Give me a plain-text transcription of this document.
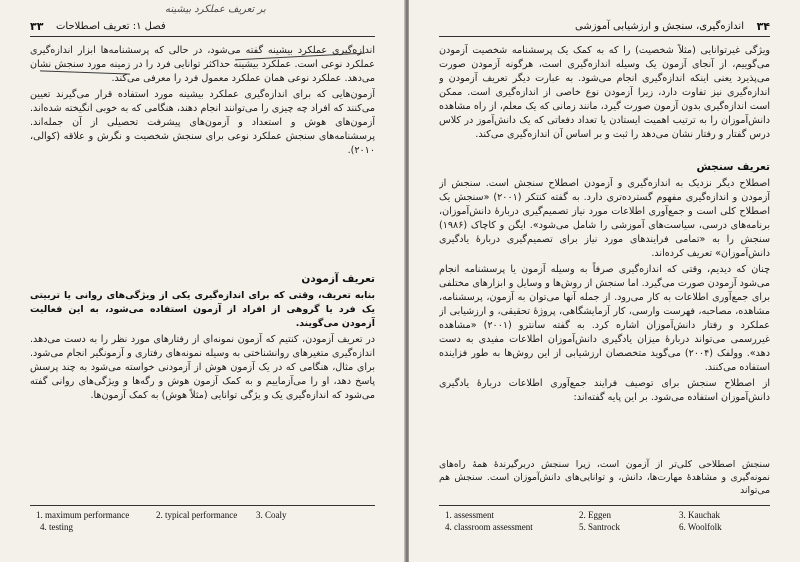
۳۳ فصل ۱: تعریف اصطلاحات
بر تعریف عملکرد بیشینه

اندازه‌گیری عملکرد بیشینه گفته می‌شود، در حالی که پرسشنامه‌ها ابزار اندازه‌گیری عملکرد نوعی است. عملکرد بیشینه حداکثر توانایی فرد را در زمینه مورد سنجش نشان می‌دهد. عملکرد نوعی همان عملکرد معمول فرد را معرفی می‌کند.

آزمون‌هایی که برای اندازه‌گیری عملکرد بیشینه مورد استفاده قرار می‌گیرند تعیین می‌کنند که افراد چه چیزی را می‌توانند انجام دهند، هنگامی که به خوبی انگیخته شده‌اند. آزمون‌های هوش و استعداد و آزمون‌های پیشرفت تحصیلی از آن جمله‌اند. پرسشنامه‌های سنجش عملکرد نوعی برای سنجش شخصیت و نگرش و علاقه (کوالی، ۲۰۱۰).

تعریف آزمودن

بنابه تعریف، وقتی که برای اندازه‌گیری یکی از ویژگی‌های روانی یا تربیتی یک فرد یا گروهی از افراد از آزمون استفاده می‌شود، به این فعالیت آزمودن می‌گویند.

در تعریف آزمودن، کنتیم که آزمون نمونه‌ای از رفتارهای مورد نظر را به دست می‌دهد. اندازه‌گیری متغیرهای روانشناختی به وسیله نمونه‌های رفتاری و آزمونگیر انجام می‌شود. برای مثال، هنگامی که در یک آزمون هوش از آزمودنی خواسته می‌شود به چند پرسش پاسخ دهد، او را می‌آزماییم و به کمک آزمون هوش و رگه‌ها و ویژگی‌های روانی گفته می‌شود که اندازه‌گیری یک و یژگی توانایی (مثلاً هوش) به کمک آزمون‌ها.

1. maximum performance	2. typical performance 3. Coaly
4. testing
۳۴
اندازه‌گیری، سنجش و ارزشیابی آموزشی

ویژگی غیرتوانایی (مثلاً شخصیت) را که به کمک یک پرسشنامه شخصیت آزمودن می‌گوییم، از آنجای آزمون یک وسیله اندازه‌گیری است، هرگونه آزمودن صورت می‌پذیرد یعنی اینکه اندازه‌گیری انجام می‌شود. به عبارت دیگر تعریف آزمودن و اندازه‌گیری نیز تفاوت دارد، زیرا آزمودن نوع خاصی از اندازه‌گیری است. ممکن است اندازه‌گیری بدون آزمون صورت گیرد، مانند زمانی که یک معلم، از راه مشاهده دانش‌آموزان را به ترتیب اهمیت ایستادن یا تعداد دفعاتی که یک دانش‌آموز در کلاس درس گفتار و رفتار نشان می‌دهد را ثبت و بر اساس آن اندازه‌گیری می‌کند.

تعریف سنجش

اصطلاح دیگر نزدیک به اندازه‌گیری و آزمودن اصطلاح سنجش است. سنجش از آزمودن و اندازه‌گیری مفهوم گسترده‌تری دارد. به گفته کنتکر (۲۰۰۱) «سنجش یک اصطلاح کلی است و جمع‌آوری اطلاعات مورد نیاز تصمیم‌گیری دربارهٔ دانش‌آموزان، برنامه‌های درسی، سیاست‌های آموزشی را شامل می‌شود». ایگن و کاچاک (۱۹۸۶) سنجش را به «تمامی فرایندهای مورد نیاز برای تصمیم‌گیری دربارهٔ یادگیری دانش‌آموزان» تعریف کرده‌اند.

چنان که دیدیم، وقتی که اندازه‌گیری صرفاً به وسیله آزمون یا پرسشنامه انجام می‌شود آزمودن صورت می‌گیرد. اما سنجش از روش‌ها و وسایل و ابزارهای مختلفی برای جمع‌آوری اطلاعات به کار می‌رود. از جمله آنها می‌توان به آزمون، پرسشنامه، مشاهده، مصاحبه، فهرست وارسی، کار آزمایشگاهی، پروژهٔ تحقیقی، و ارزشیابی از عملکرد و رفتار دانش‌آموزان اشاره کرد. به گفته سانترو (۲۰۰۱) «مشاهده غیررسمی می‌تواند دربارهٔ میزان یادگیری دانش‌آموزان اطلاعات مفیدی به دست دهد». وولفک (۲۰۰۴) می‌گوید متخصصان ارزشیابی از این روش‌ها به طور فزاینده استفاده می‌کنند.

از اصطلاح سنجش برای توصیف فرایند جمع‌آوری اطلاعات دربارهٔ یادگیری دانش‌آموزان استفاده می‌شود. بر این پایه گفته‌اند:

سنجش اصطلاحی کلی‌تر از آزمون است، زیرا سنجش دربرگیرندهٔ همهٔ راه‌های نمونه‌گیری و مشاهدهٔ مهارت‌ها، دانش، و توانایی‌های دانش‌آموزان است. سنجش هم می‌تواند

1. assessment	2. Eggen	3. Kauchak
4. classroom assessment	5. Santrock	6. Woolfolk
